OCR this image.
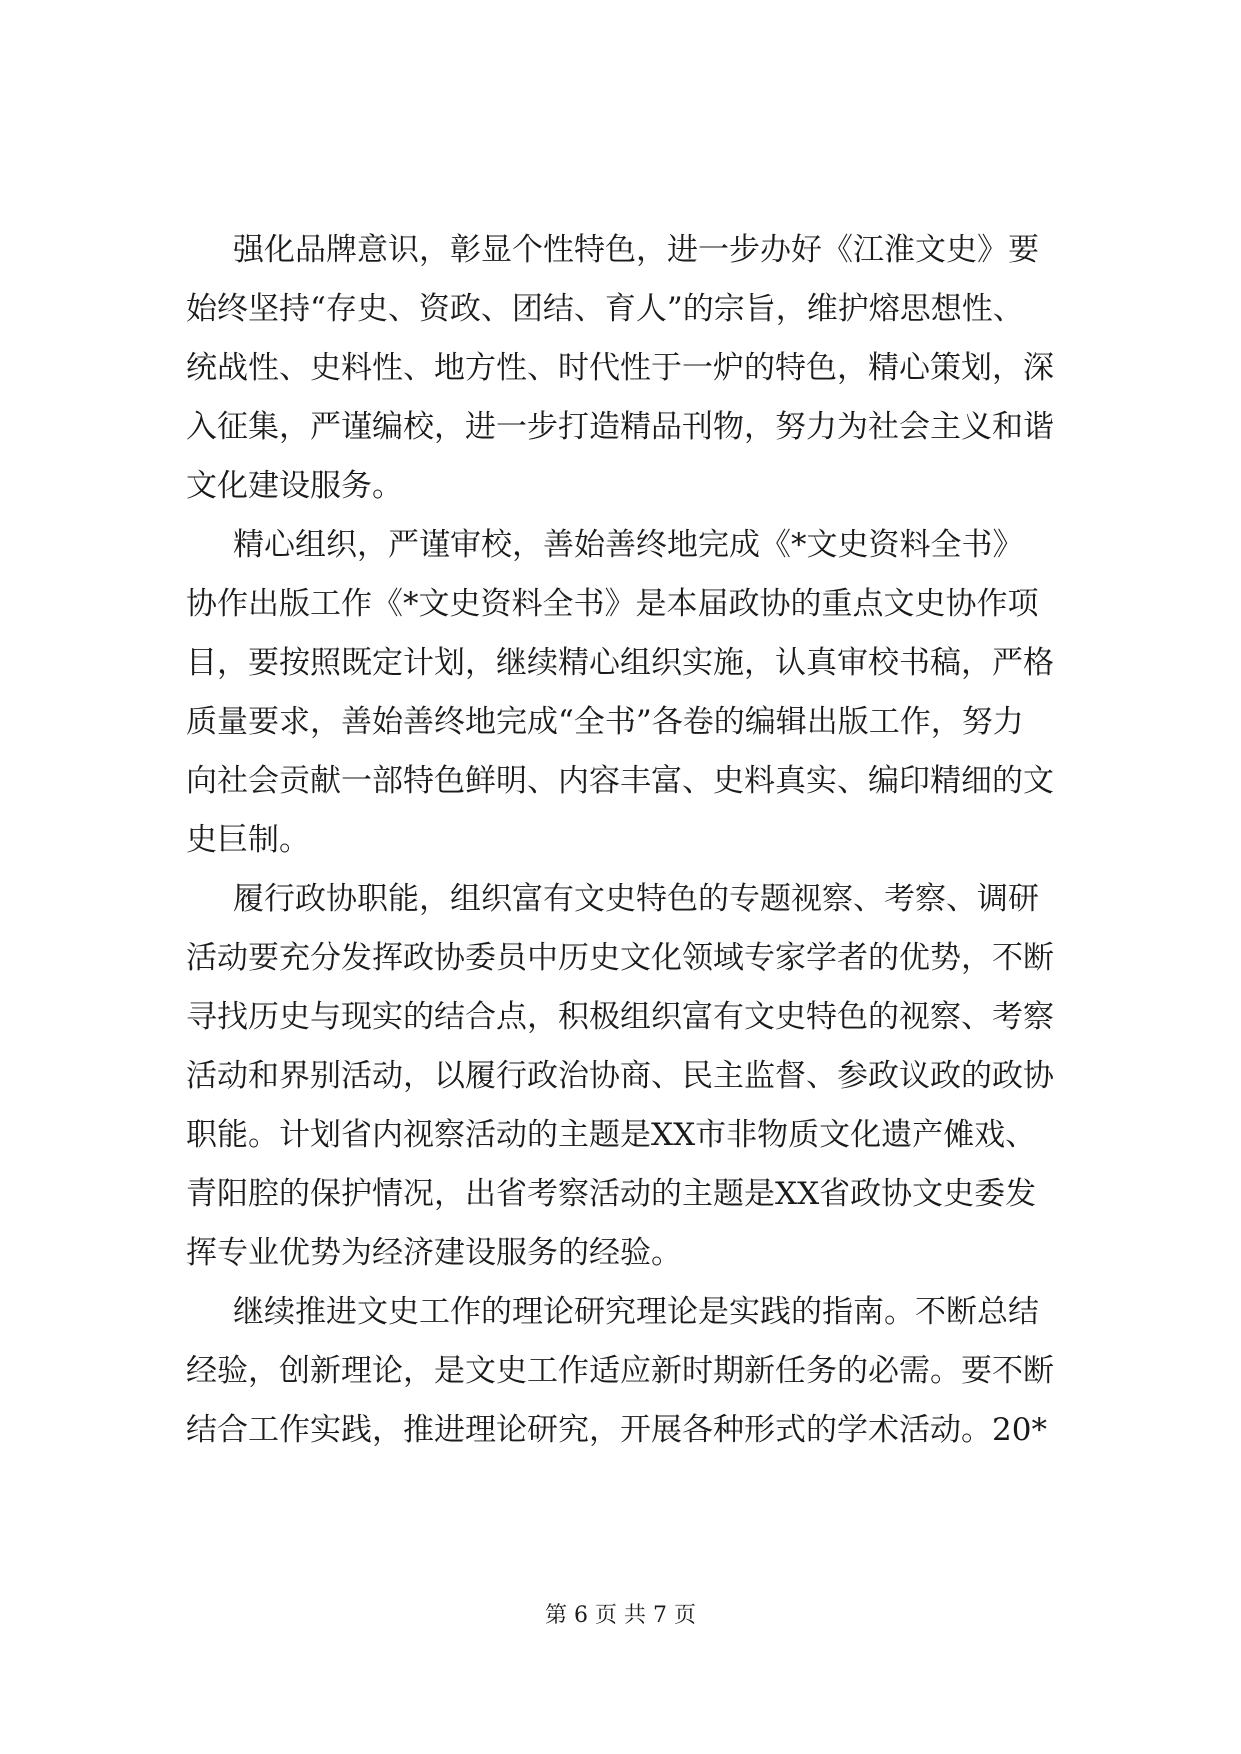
强化品牌意识，彰显个性特色，进一步办好《江淮文史》要
始终坚持“存史、资政、团结、育人”的宗旨，维护熔思想性、
统战性、史料性、地方性、时代性于一炉的特色，精心策划，深
入征集，严谨编校，进一步打造精品刊物，努力为社会主义和谐
文化建设服务。
精心组织，严谨审校，善始善终地完成《*文史资料全书》
协作出版工作《*文史资料全书》是本届政协的重点文史协作项
目，要按照既定计划，继续精心组织实施，认真审校书稿，严格
质量要求，善始善终地完成“全书”各卷的编辑出版工作，努力
向社会贡献一部特色鲜明、内容丰富、史料真实、编印精细的文
史巨制。
履行政协职能，组织富有文史特色的专题视察、考察、调研
活动要充分发挥政协委员中历史文化领域专家学者的优势，不断
寻找历史与现实的结合点，积极组织富有文史特色的视察、考察
活动和界别活动，以履行政治协商、民主监督、参政议政的政协
职能。计划省内视察活动的主题是XX市非物质文化遗产傩戏、
青阳腔的保护情况，出省考察活动的主题是XX省政协文史委发
挥专业优势为经济建设服务的经验。
继续推进文史工作的理论研究理论是实践的指南。不断总结
经验，创新理论，是文史工作适应新时期新任务的必需。要不断
结合工作实践，推进理论研究，开展各种形式的学术活动。20*
第 6 页 共 7 页
